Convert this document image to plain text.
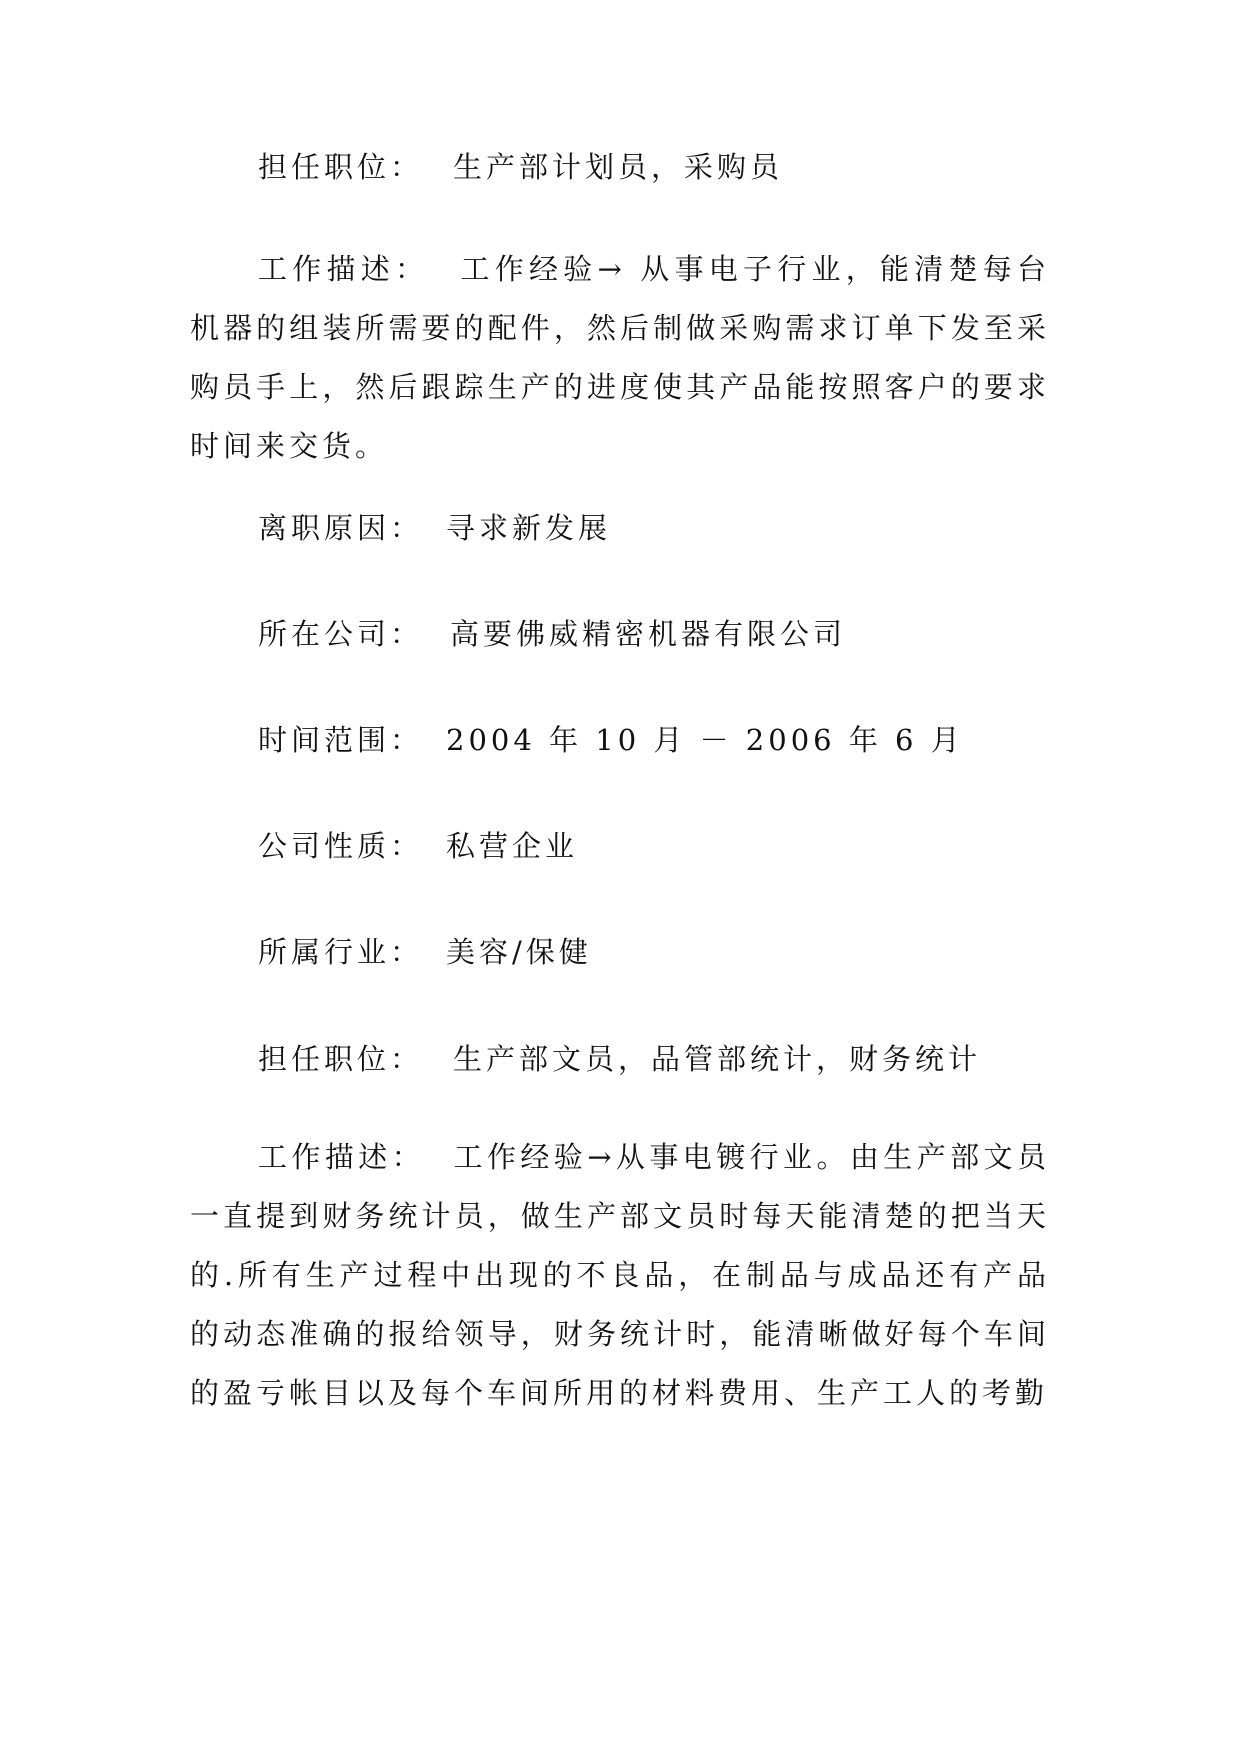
担任职位： 生产部计划员，采购员
工作描述： 工作经验→ 从事电子行业，能清楚每台机器的组装所需要的配件，然后制做采购需求订单下发至采购员手上，然后跟踪生产的进度使其产品能按照客户的要求时间来交货。
离职原因： 寻求新发展
所在公司： 高要佛威精密机器有限公司
时间范围： 2004 年 10 月 － 2006 年 6 月
公司性质： 私营企业
所属行业： 美容/保健
担任职位： 生产部文员，品管部统计，财务统计
工作描述： 工作经验→从事电镀行业。由生产部文员一直提到财务统计员，做生产部文员时每天能清楚的把当天的.所有生产过程中出现的不良品，在制品与成品还有产品的动态准确的报给领导，财务统计时，能清晰做好每个车间的盈亏帐目以及每个车间所用的材料费用、生产工人的考勤
